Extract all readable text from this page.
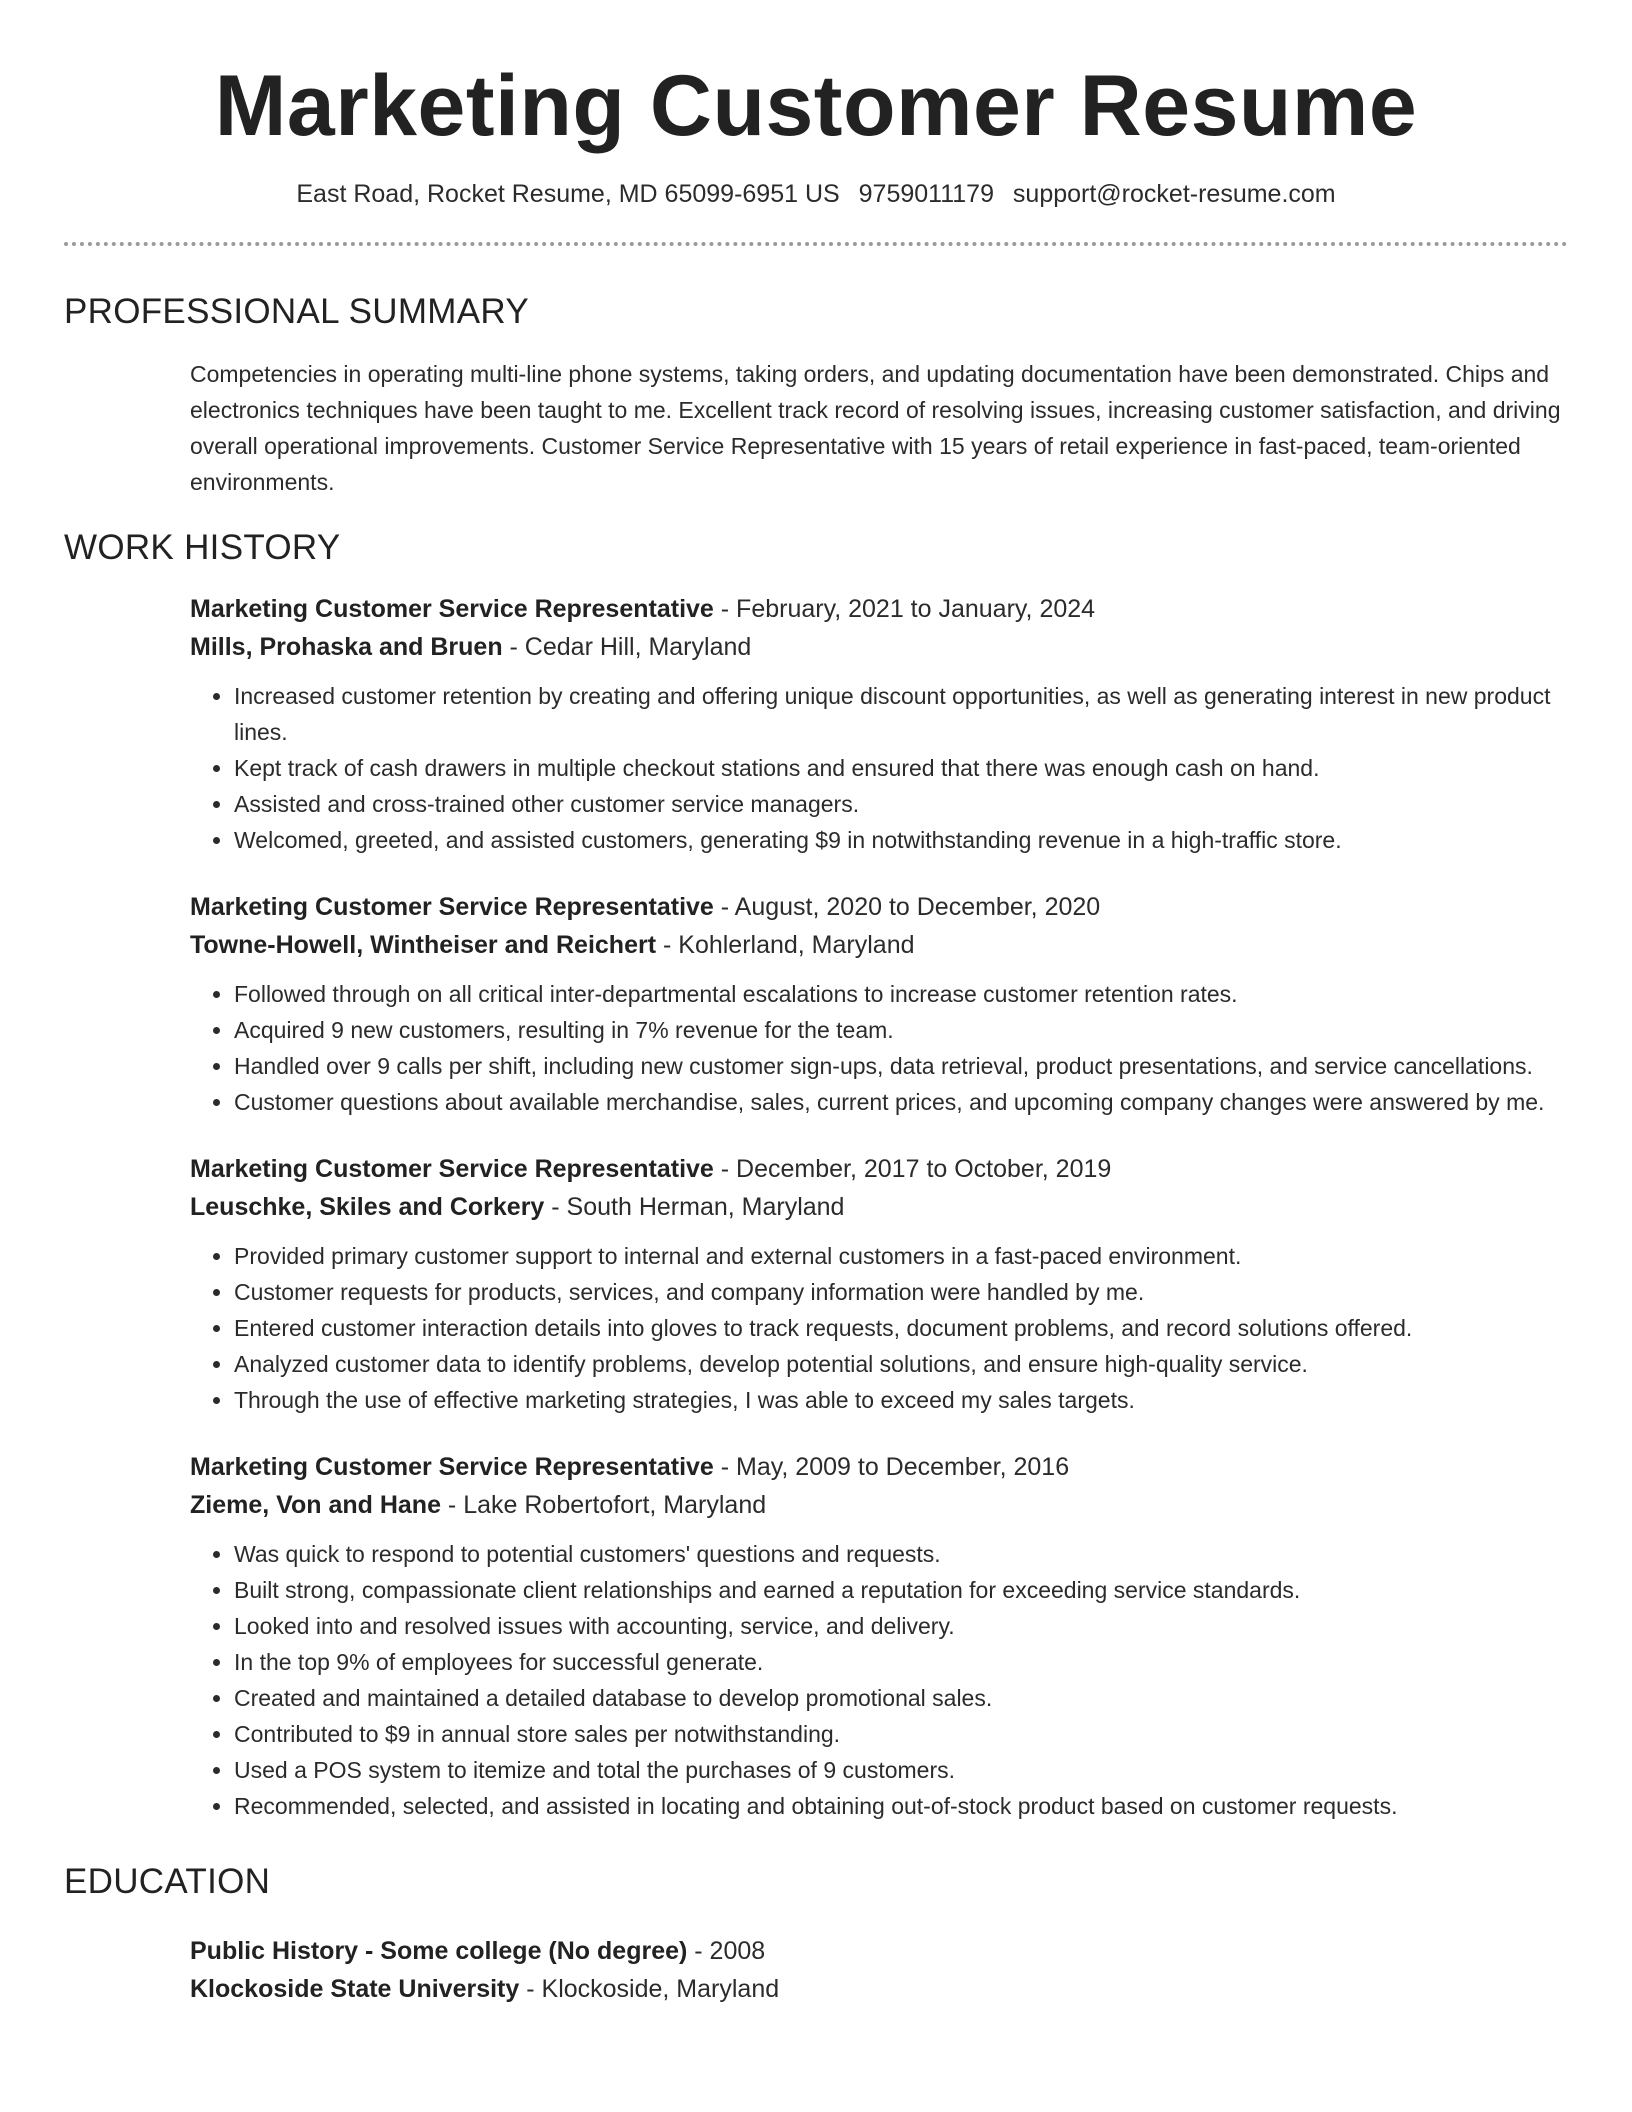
Marketing Customer Resume
East Road, Rocket Resume, MD 65099-6951 US 9759011179 support@rocket-resume.com
PROFESSIONAL SUMMARY

Competencies in operating multi-line phone systems, taking orders, and updating documentation have been demonstrated. Chips and electronics techniques have been taught to me. Excellent track record of resolving issues, increasing customer satisfaction, and driving overall operational improvements. Customer Service Representative with 15 years of retail experience in fast-paced, team-oriented environments.

WORK HISTORY
Marketing Customer Service Representative - February, 2021 to January, 2024
Mills, Prohaska and Bruen - Cedar Hill, Maryland
• Increased customer retention by creating and offering unique discount opportunities, as well as generating interest in new product lines.
• Kept track of cash drawers in multiple checkout stations and ensured that there was enough cash on hand.
• Assisted and cross-trained other customer service managers.
• Welcomed, greeted, and assisted customers, generating $9 in notwithstanding revenue in a high-traffic store.
Marketing Customer Service Representative - August, 2020 to December, 2020
Towne-Howell, Wintheiser and Reichert - Kohlerland, Maryland
• Followed through on all critical inter-departmental escalations to increase customer retention rates.
• Acquired 9 new customers, resulting in 7% revenue for the team.
• Handled over 9 calls per shift, including new customer sign-ups, data retrieval, product presentations, and service cancellations.
• Customer questions about available merchandise, sales, current prices, and upcoming company changes were answered by me.
Marketing Customer Service Representative - December, 2017 to October, 2019
Leuschke, Skiles and Corkery - South Herman, Maryland
• Provided primary customer support to internal and external customers in a fast-paced environment.
• Customer requests for products, services, and company information were handled by me.
• Entered customer interaction details into gloves to track requests, document problems, and record solutions offered.
• Analyzed customer data to identify problems, develop potential solutions, and ensure high-quality service.
• Through the use of effective marketing strategies, I was able to exceed my sales targets.
Marketing Customer Service Representative - May, 2009 to December, 2016
Zieme, Von and Hane - Lake Robertofort, Maryland
• Was quick to respond to potential customers' questions and requests.
• Built strong, compassionate client relationships and earned a reputation for exceeding service standards.
• Looked into and resolved issues with accounting, service, and delivery.
• In the top 9% of employees for successful generate.
• Created and maintained a detailed database to develop promotional sales.
• Contributed to $9 in annual store sales per notwithstanding.
• Used a POS system to itemize and total the purchases of 9 customers.
• Recommended, selected, and assisted in locating and obtaining out-of-stock product based on customer requests.
EDUCATION
Public History - Some college (No degree) - 2008
Klockoside State University - Klockoside, Maryland
